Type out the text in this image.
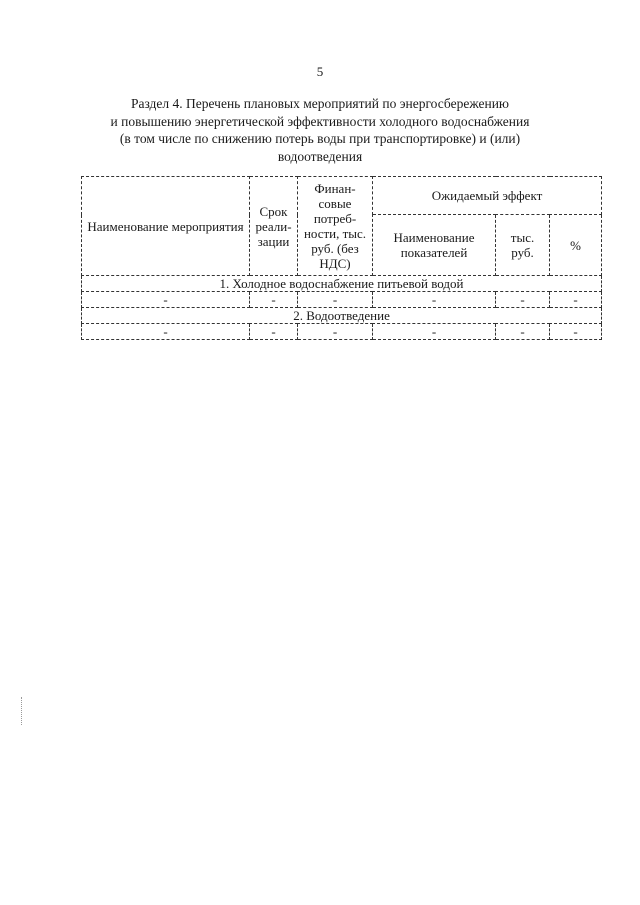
5
Раздел 4. Перечень плановых мероприятий по энергосбережению
и повышению энергетической эффективности холодного водоснабжения
(в том числе по снижению потерь воды при транспортировке) и (или)
водоотведения
Наименование мероприятия	Срок реали- зации	Финан- совые потреб- ности, тыс. руб. (без НДС)	Ожидаемый эффект		
			Наименование показателей	тыс. руб.	%
1. Холодное водоснабжение питьевой водой					
-	-	-	-	-	-
2. Водоотведение					
-	-	-	-	-	-
